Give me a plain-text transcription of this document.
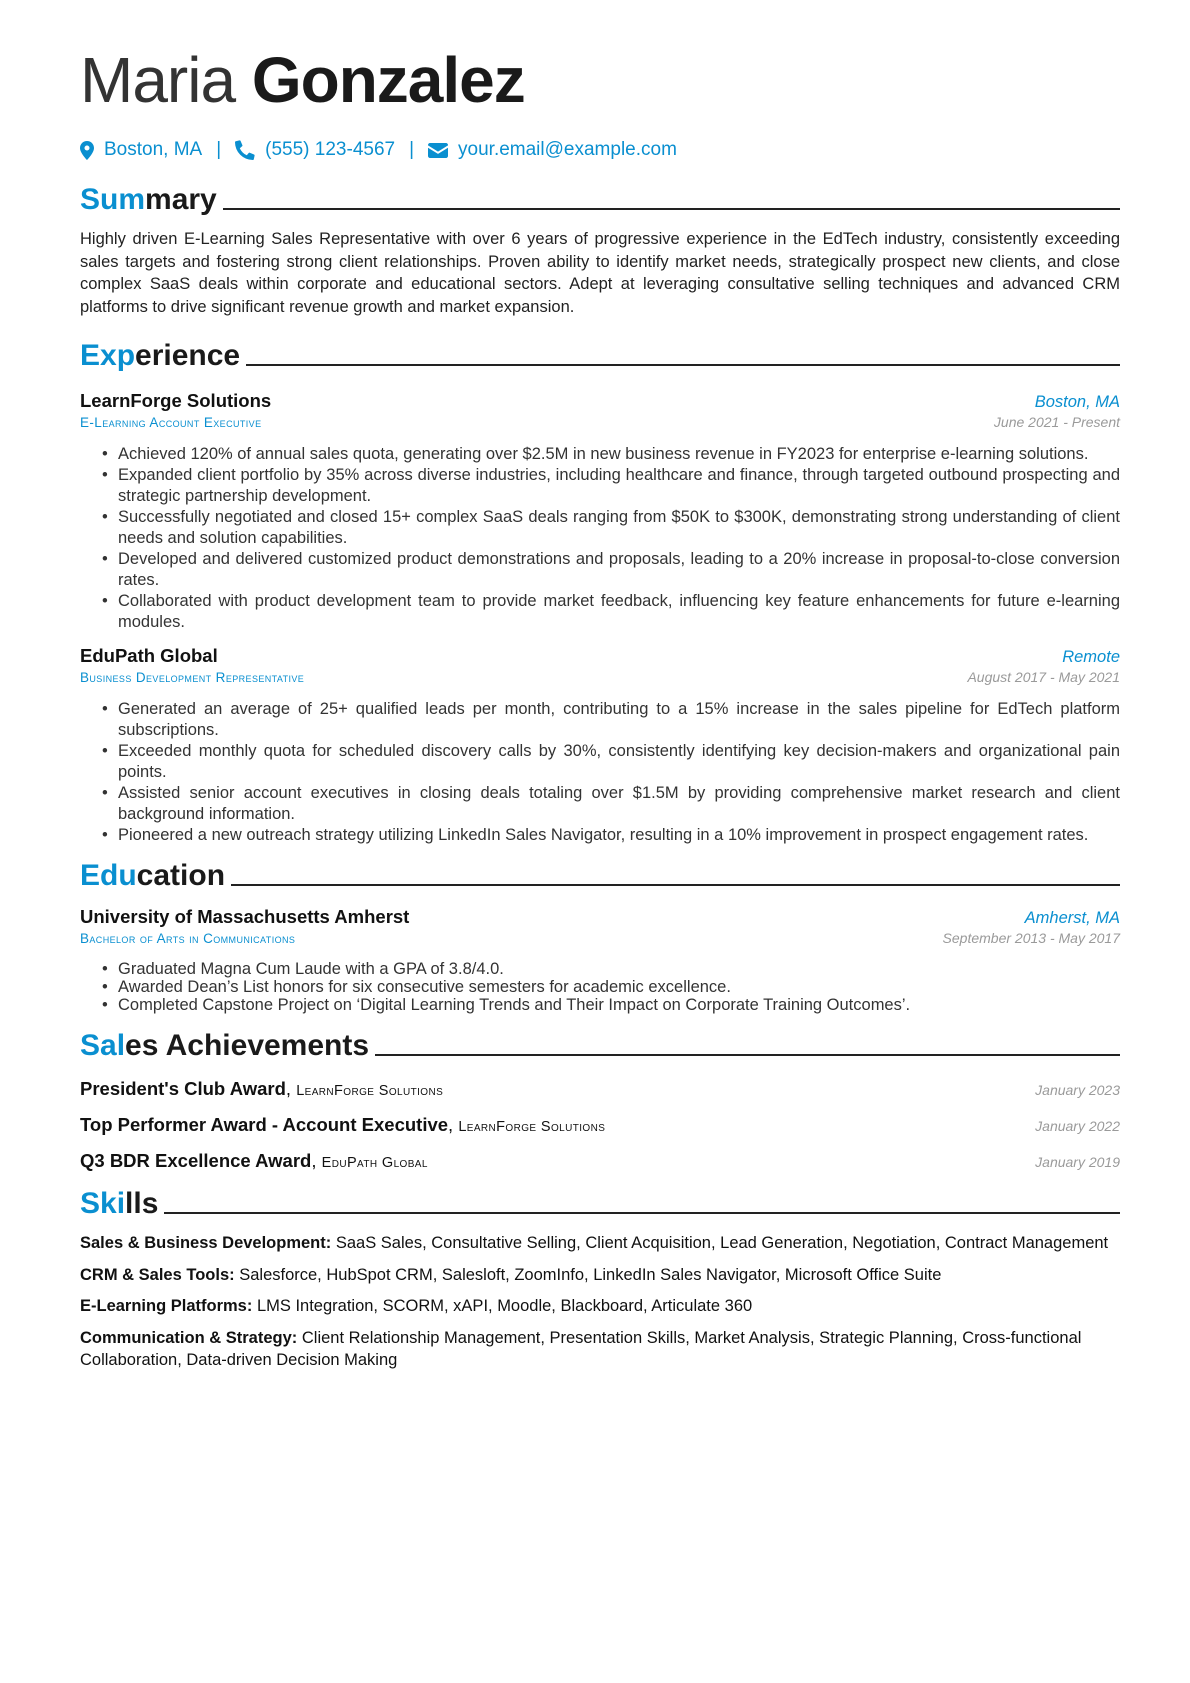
Maria Gonzalez
Boston, MA | (555) 123-4567 | your.email@example.com
Summary
Highly driven E-Learning Sales Representative with over 6 years of progressive experience in the EdTech industry, consistently exceeding sales targets and fostering strong client relationships. Proven ability to identify market needs, strategically prospect new clients, and close complex SaaS deals within corporate and educational sectors. Adept at leveraging consultative selling techniques and advanced CRM platforms to drive significant revenue growth and market expansion.
Experience
LearnForge Solutions	Boston, MA
E-Learning Account Executive	June 2021 - Present
• Achieved 120% of annual sales quota, generating over $2.5M in new business revenue in FY2023 for enterprise e-learning solutions.
• Expanded client portfolio by 35% across diverse industries, including healthcare and finance, through targeted outbound prospecting and strategic partnership development.
• Successfully negotiated and closed 15+ complex SaaS deals ranging from $50K to $300K, demonstrating strong understanding of client needs and solution capabilities.
• Developed and delivered customized product demonstrations and proposals, leading to a 20% increase in proposal-to-close conversion rates.
• Collaborated with product development team to provide market feedback, influencing key feature enhancements for future e-learning modules.
EduPath Global	Remote
Business Development Representative	August 2017 - May 2021
• Generated an average of 25+ qualified leads per month, contributing to a 15% increase in the sales pipeline for EdTech platform subscriptions.
• Exceeded monthly quota for scheduled discovery calls by 30%, consistently identifying key decision-makers and organizational pain points.
• Assisted senior account executives in closing deals totaling over $1.5M by providing comprehensive market research and client background information.
• Pioneered a new outreach strategy utilizing LinkedIn Sales Navigator, resulting in a 10% improvement in prospect engagement rates.
Education
University of Massachusetts Amherst	Amherst, MA
Bachelor of Arts in Communications	September 2013 - May 2017
• Graduated Magna Cum Laude with a GPA of 3.8/4.0.
• Awarded Dean’s List honors for six consecutive semesters for academic excellence.
• Completed Capstone Project on ‘Digital Learning Trends and Their Impact on Corporate Training Outcomes’.
Sales Achievements
President's Club Award, LearnForge Solutions	January 2023
Top Performer Award - Account Executive, LearnForge Solutions	January 2022
Q3 BDR Excellence Award, EduPath Global	January 2019
Skills
Sales & Business Development: SaaS Sales, Consultative Selling, Client Acquisition, Lead Generation, Negotiation, Contract Management
CRM & Sales Tools: Salesforce, HubSpot CRM, Salesloft, ZoomInfo, LinkedIn Sales Navigator, Microsoft Office Suite
E-Learning Platforms: LMS Integration, SCORM, xAPI, Moodle, Blackboard, Articulate 360
Communication & Strategy: Client Relationship Management, Presentation Skills, Market Analysis, Strategic Planning, Cross-functional Collaboration, Data-driven Decision Making
